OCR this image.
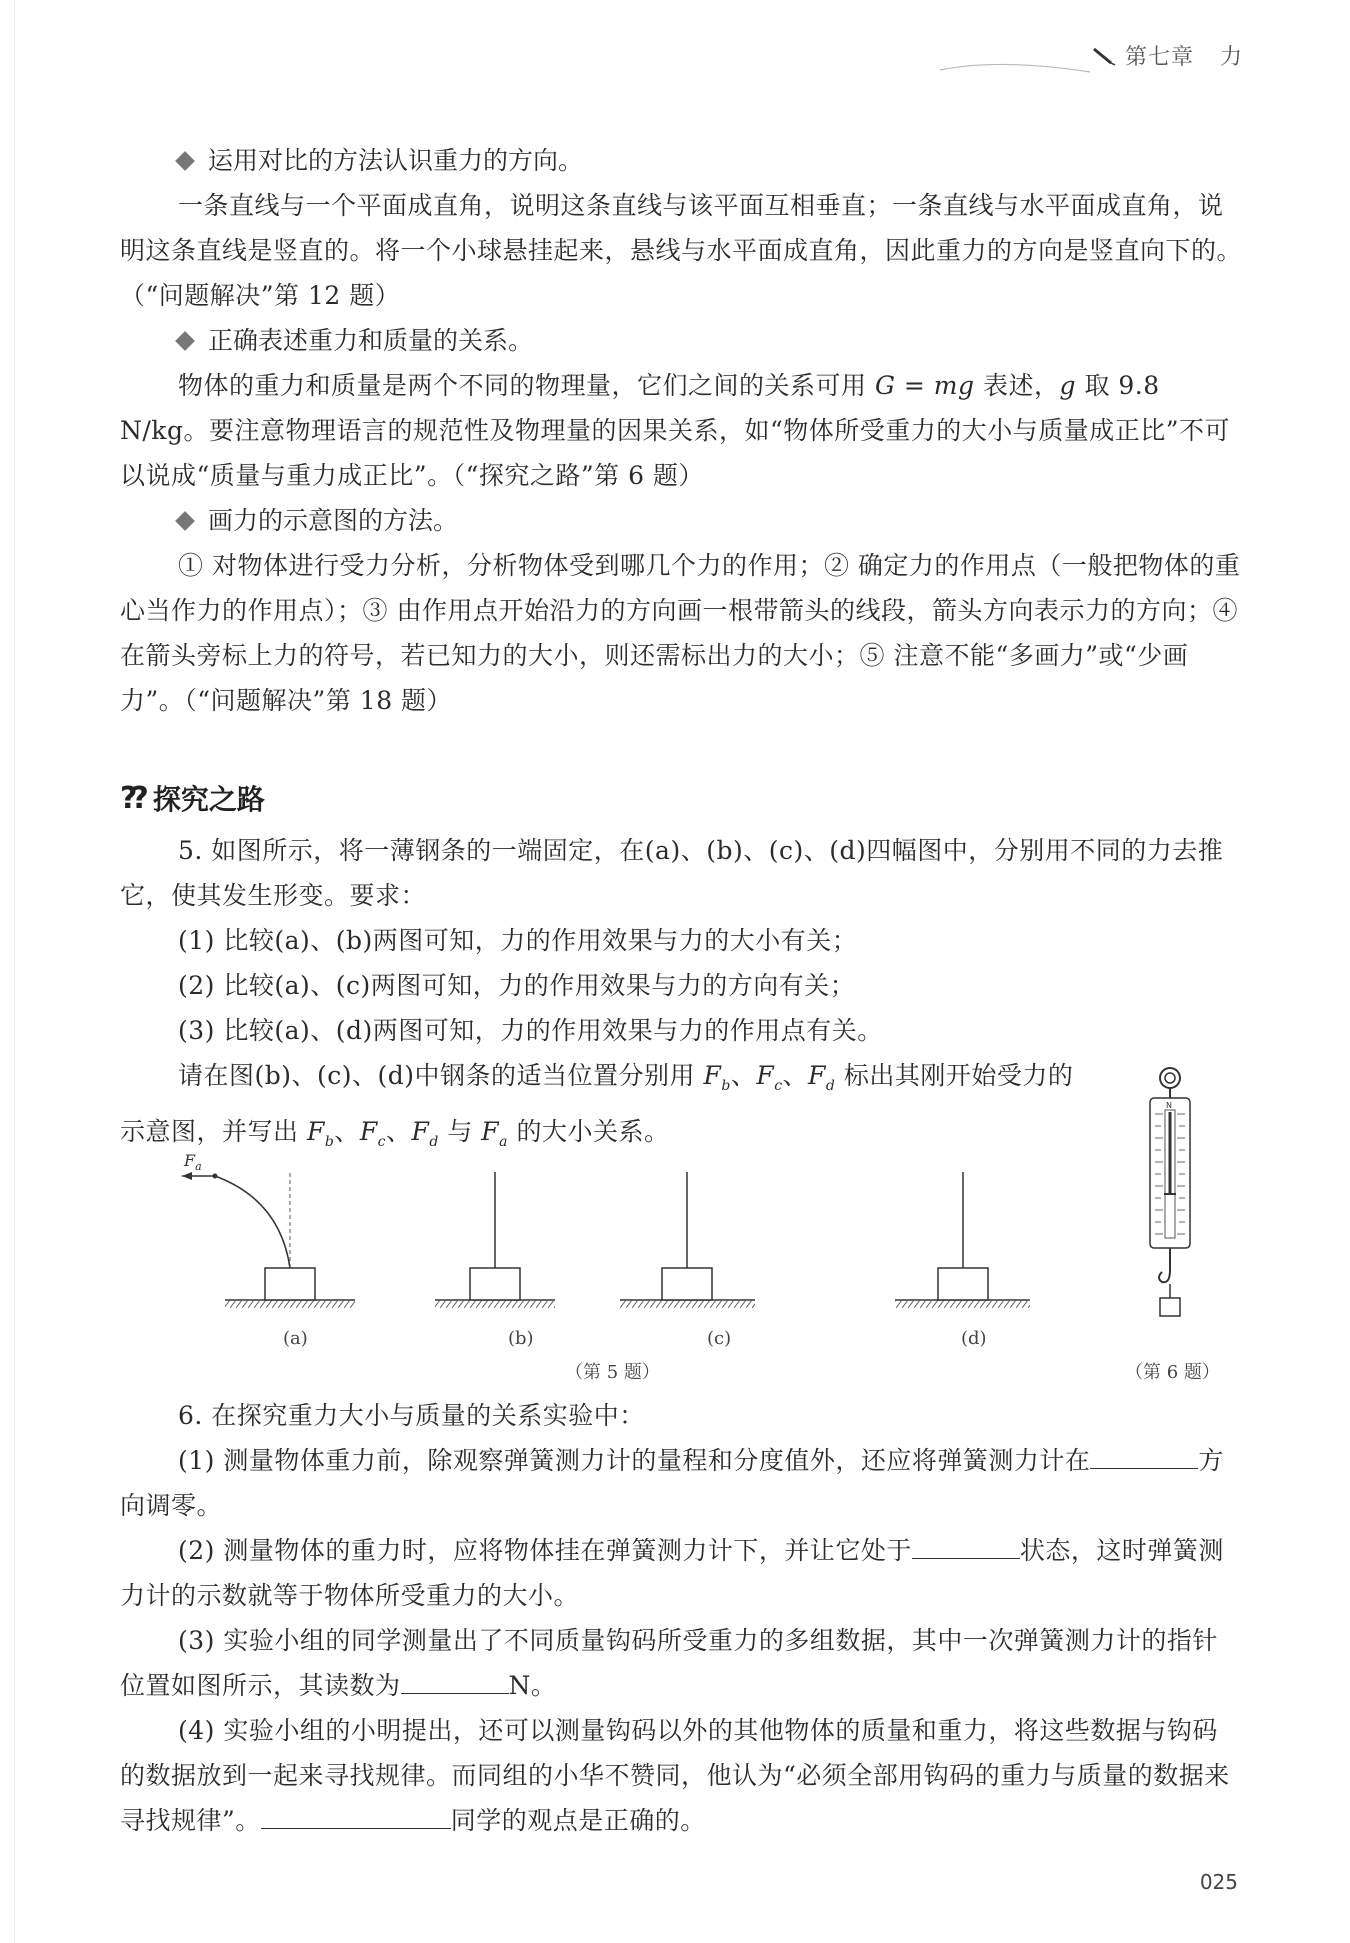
第七章 力
运用对比的方法认识重力的方向。
一条直线与一个平面成直角，说明这条直线与该平面互相垂直；一条直线与水平面成直角，说明这条直线是竖直的。将一个小球悬挂起来，悬线与水平面成直角，因此重力的方向是竖直向下的。（“问题解决”第 12 题）
正确表述重力和质量的关系。
物体的重力和质量是两个不同的物理量，它们之间的关系可用 G = mg 表述，g 取 9.8 N/kg。要注意物理语言的规范性及物理量的因果关系，如“物体所受重力的大小与质量成正比”不可以说成“质量与重力成正比”。（“探究之路”第 6 题）
画力的示意图的方法。
① 对物体进行受力分析，分析物体受到哪几个力的作用；② 确定力的作用点（一般把物体的重心当作力的作用点）；③ 由作用点开始沿力的方向画一根带箭头的线段，箭头方向表示力的方向；④ 在箭头旁标上力的符号，若已知力的大小，则还需标出力的大小；⑤ 注意不能“多画力”或“少画力”。（“问题解决”第 18 题）
?? 探究之路
5. 如图所示，将一薄钢条的一端固定，在(a)、(b)、(c)、(d)四幅图中，分别用不同的力去推它，使其发生形变。要求：
(1) 比较(a)、(b)两图可知，力的作用效果与力的大小有关；
(2) 比较(a)、(c)两图可知，力的作用效果与力的方向有关；
(3) 比较(a)、(d)两图可知，力的作用效果与力的作用点有关。
请在图(b)、(c)、(d)中钢条的适当位置分别用 $F_b$、$F_c$、$F_d$ 标出其刚开始受力的示意图，并写出 $F_b$、$F_c$、$F_d$ 与 $F_a$ 的大小关系。
$F_a$
(a)	(b)	(c)	(d)
（第 5 题）
N
（第 6 题）
6. 在探究重力大小与质量的关系实验中：
(1) 测量物体重力前，除观察弹簧测力计的量程和分度值外，还应将弹簧测力计在	方向调零。
(2) 测量物体的重力时，应将物体挂在弹簧测力计下，并让它处于	状态，这时弹簧测力计的示数就等于物体所受重力的大小。
(3) 实验小组的同学测量出了不同质量钩码所受重力的多组数据，其中一次弹簧测力计的指针位置如图所示，其读数为	N。
(4) 实验小组的小明提出，还可以测量钩码以外的其他物体的质量和重力，将这些数据与钩码的数据放到一起来寻找规律。而同组的小华不赞同，他认为“必须全部用钩码的重力与质量的数据来寻找规律”。	同学的观点是正确的。
025
